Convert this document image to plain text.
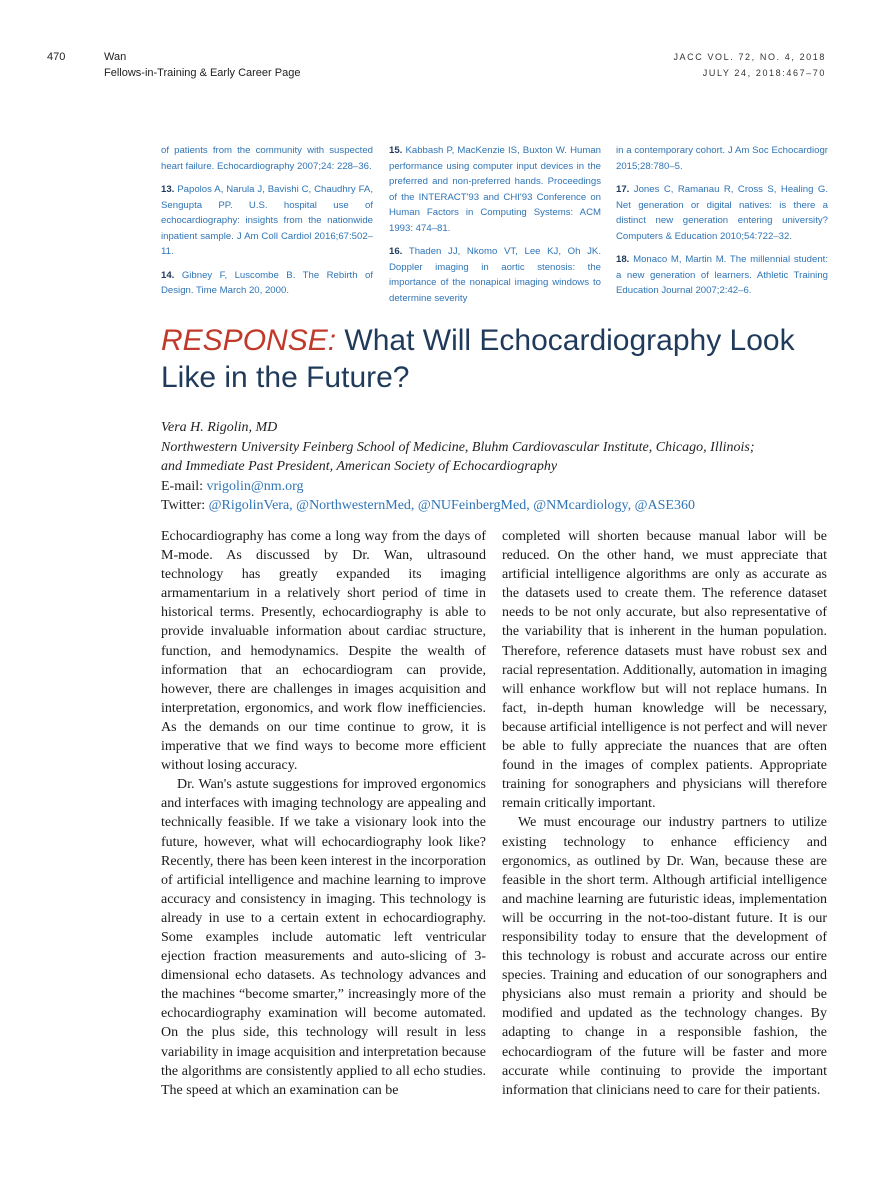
470	Wan
Fellows-in-Training & Early Career Page
JACC VOL. 72, NO. 4, 2018
JULY 24, 2018:467–70

of patients from the community with suspected heart failure. Echocardiography 2007;24: 228–36.

13. Papolos A, Narula J, Bavishi C, Chaudhry FA, Sengupta PP. U.S. hospital use of echocardiography: insights from the nationwide inpatient sample. J Am Coll Cardiol 2016;67:502–11.

14. Gibney F, Luscombe B. The Rebirth of Design. Time March 20, 2000.

15. Kabbash P, MacKenzie IS, Buxton W. Human performance using computer input devices in the preferred and non-preferred hands. Proceedings of the INTERACT'93 and CHI'93 Conference on Human Factors in Computing Systems: ACM 1993: 474–81.

16. Thaden JJ, Nkomo VT, Lee KJ, Oh JK. Doppler imaging in aortic stenosis: the importance of the nonapical imaging windows to determine severity

in a contemporary cohort. J Am Soc Echocardiogr 2015;28:780–5.

17. Jones C, Ramanau R, Cross S, Healing G. Net generation or digital natives: is there a distinct new generation entering university? Computers & Education 2010;54:722–32.

18. Monaco M, Martin M. The millennial student: a new generation of learners. Athletic Training Education Journal 2007;2:42–6.

RESPONSE: What Will Echocardiography Look Like in the Future?
Vera H. Rigolin, MD
Northwestern University Feinberg School of Medicine, Bluhm Cardiovascular Institute, Chicago, Illinois;
and Immediate Past President, American Society of Echocardiography
E-mail: vrigolin@nm.org
Twitter: @RigolinVera, @NorthwesternMed, @NUFeinbergMed, @NMcardiology, @ASE360

Echocardiography has come a long way from the days of M-mode. As discussed by Dr. Wan, ultrasound technology has greatly expanded its imaging armamentarium in a relatively short period of time in historical terms. Presently, echocardiography is able to provide invaluable information about cardiac structure, function, and hemodynamics. Despite the wealth of information that an echocardiogram can provide, however, there are challenges in images acquisition and interpretation, ergonomics, and work flow inefficiencies. As the demands on our time continue to grow, it is imperative that we find ways to become more efficient without losing accuracy.

Dr. Wan's astute suggestions for improved ergonomics and interfaces with imaging technology are appealing and technically feasible. If we take a visionary look into the future, however, what will echocardiography look like? Recently, there has been keen interest in the incorporation of artificial intelligence and machine learning to improve accuracy and consistency in imaging. This technology is already in use to a certain extent in echocardiography. Some examples include automatic left ventricular ejection fraction measurements and auto-slicing of 3-dimensional echo datasets. As technology advances and the machines “become smarter,” increasingly more of the echocardiography examination will become automated. On the plus side, this technology will result in less variability in image acquisition and interpretation because the algorithms are consistently applied to all echo studies. The speed at which an examination can be

completed will shorten because manual labor will be reduced. On the other hand, we must appreciate that artificial intelligence algorithms are only as accurate as the datasets used to create them. The reference dataset needs to be not only accurate, but also representative of the variability that is inherent in the human population. Therefore, reference datasets must have robust sex and racial representation. Additionally, automation in imaging will enhance workflow but will not replace humans. In fact, in-depth human knowledge will be necessary, because artificial intelligence is not perfect and will never be able to fully appreciate the nuances that are often found in the images of complex patients. Appropriate training for sonographers and physicians will therefore remain critically important.

We must encourage our industry partners to utilize existing technology to enhance efficiency and ergonomics, as outlined by Dr. Wan, because these are feasible in the short term. Although artificial intelligence and machine learning are futuristic ideas, implementation will be occurring in the not-too-distant future. It is our responsibility today to ensure that the development of this technology is robust and accurate across our entire species. Training and education of our sonographers and physicians also must remain a priority and should be modified and updated as the technology changes. By adapting to change in a responsible fashion, the echocardiogram of the future will be faster and more accurate while continuing to provide the important information that clinicians need to care for their patients.
